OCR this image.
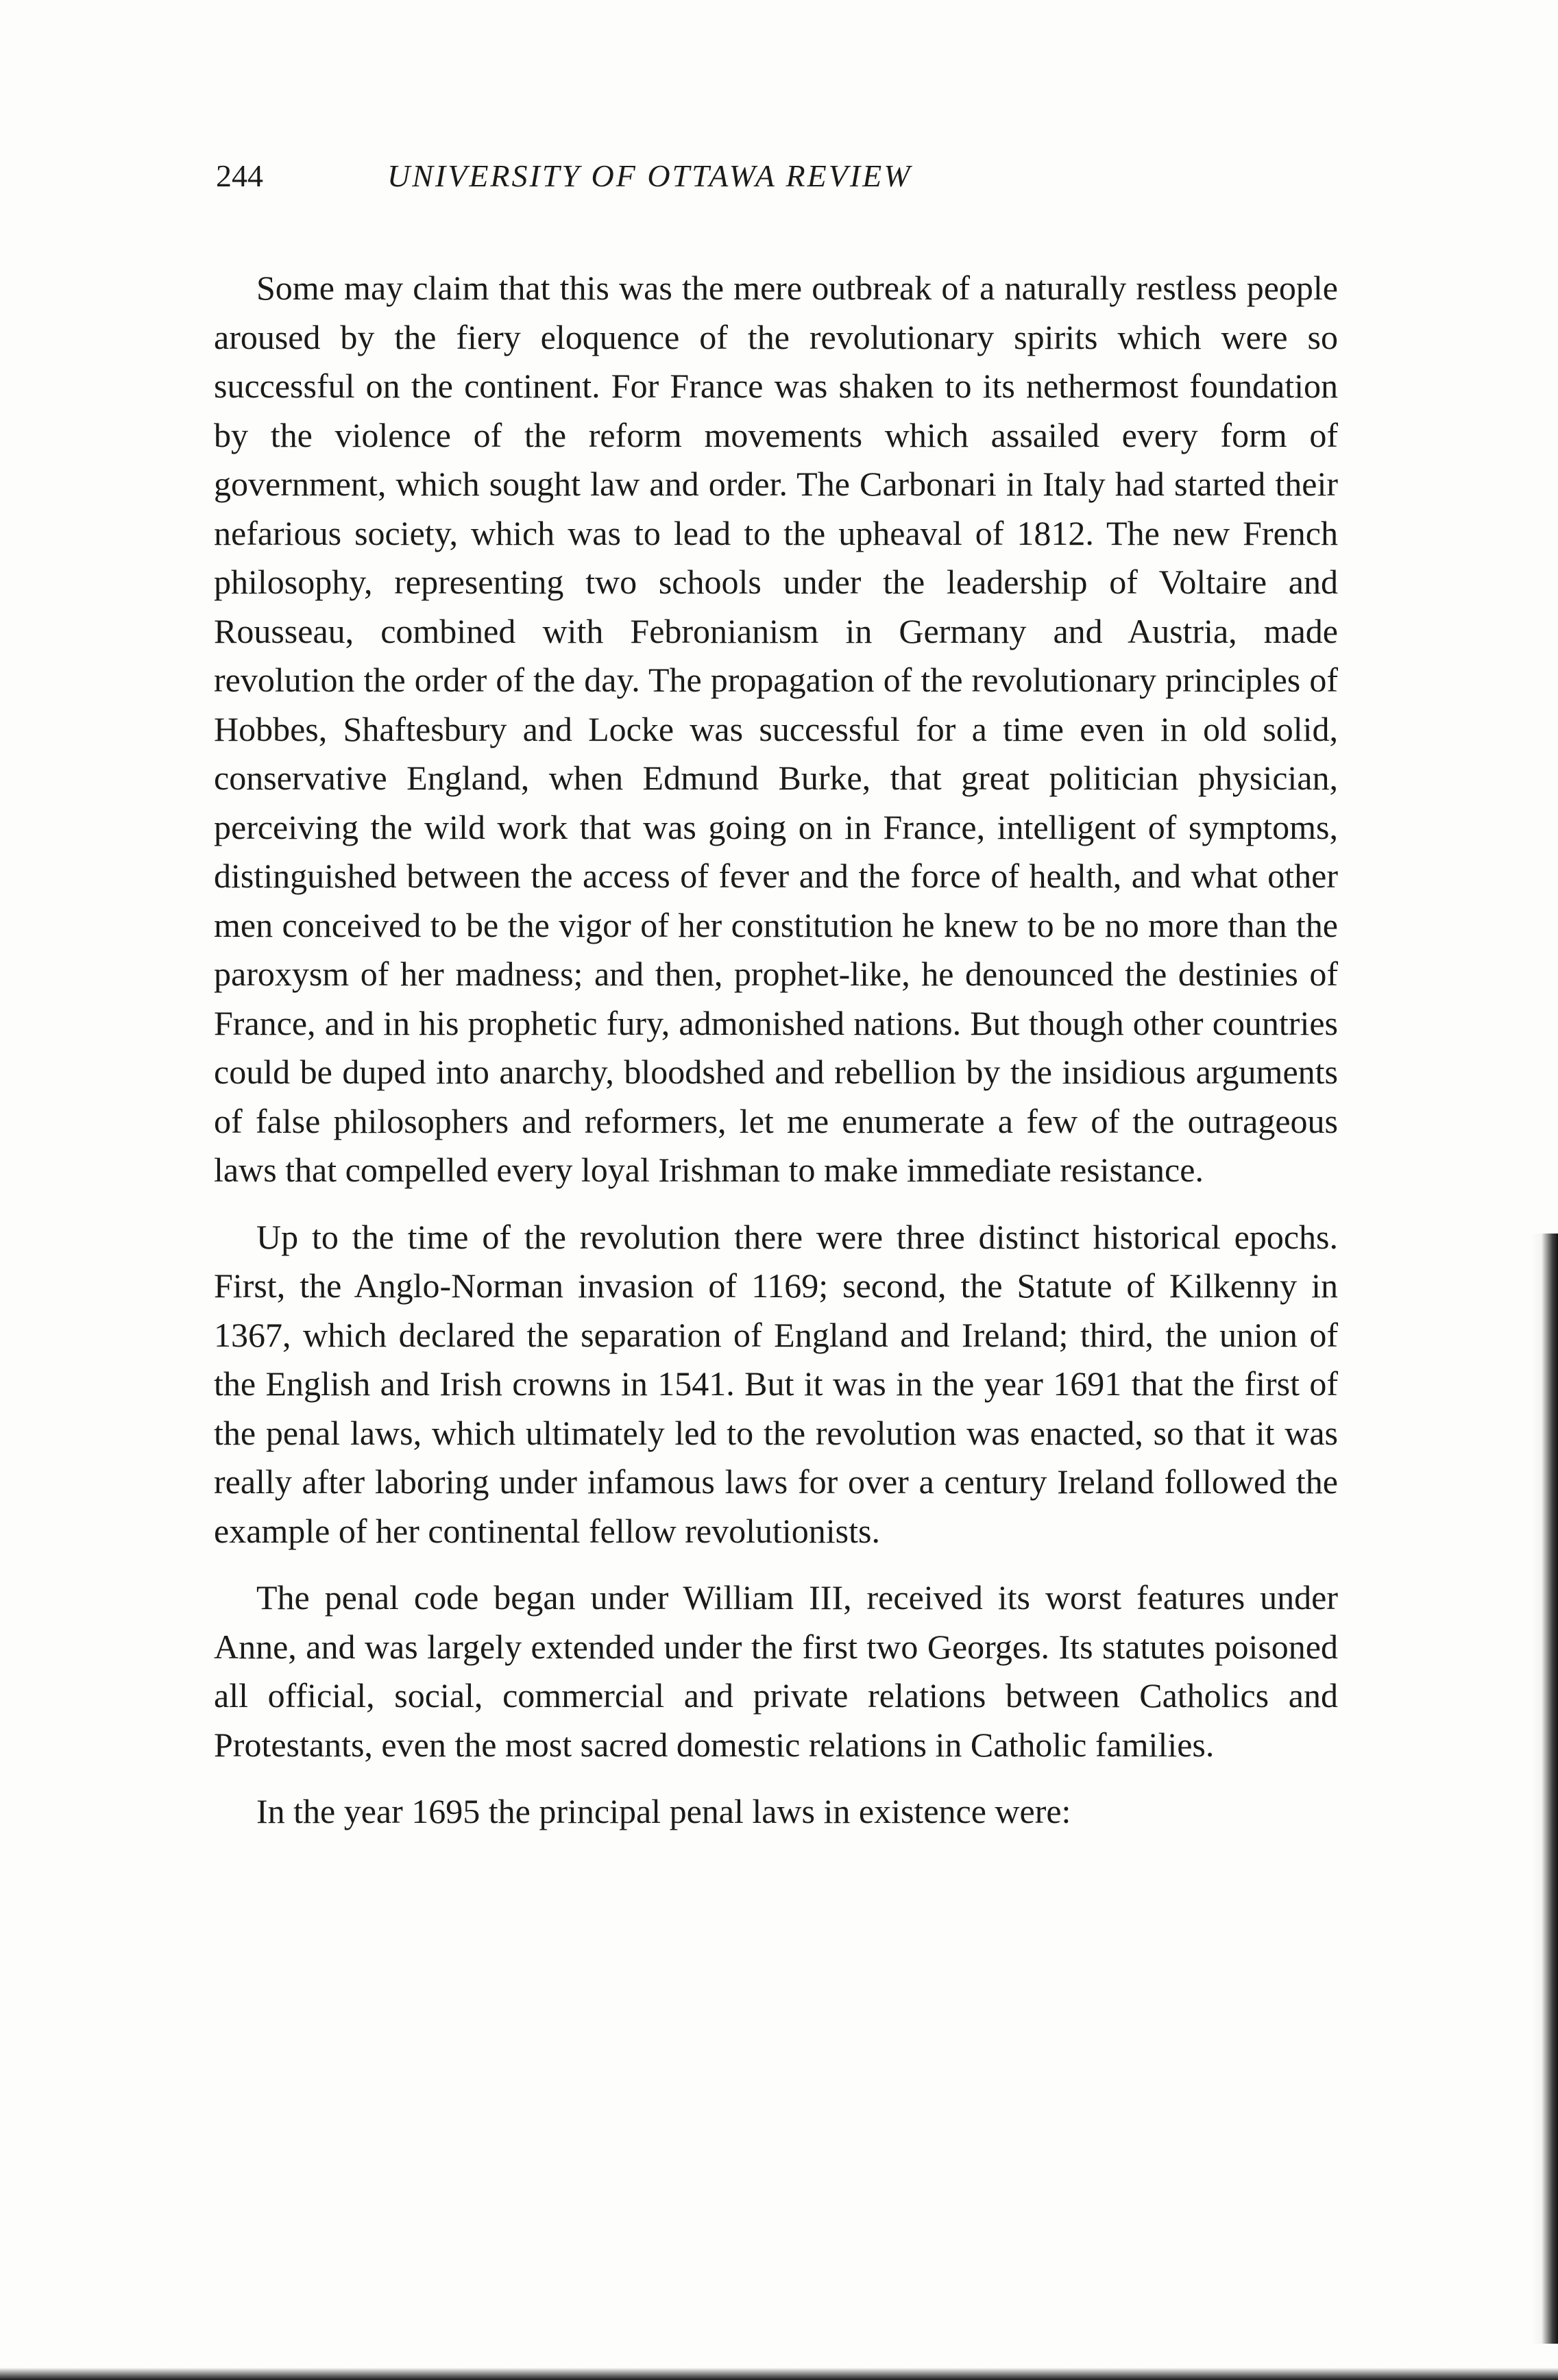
244	UNIVERSITY OF OTTAWA REVIEW

Some may claim that this was the mere outbreak of a naturally restless people aroused by the fiery eloquence of the revolutionary spirits which were so successful on the continent. For France was shaken to its nethermost foundation by the violence of the reform movements which assailed every form of government, which sought law and order. The Carbonari in Italy had started their nefarious society, which was to lead to the upheaval of 1812. The new French philosophy, representing two schools under the leadership of Voltaire and Rousseau, combined with Febronianism in Germany and Austria, made revolution the order of the day. The propagation of the revolutionary principles of Hobbes, Shaftesbury and Locke was successful for a time even in old solid, conservative England, when Edmund Burke, that great politician physician, perceiving the wild work that was going on in France, intelligent of symptoms, distinguished between the access of fever and the force of health, and what other men conceived to be the vigor of her constitution he knew to be no more than the paroxysm of her madness; and then, prophet-like, he denounced the destinies of France, and in his prophetic fury, admonished nations. But though other countries could be duped into anarchy, bloodshed and rebellion by the insidious arguments of false philosophers and reformers, let me enumerate a few of the outrageous laws that compelled every loyal Irishman to make immediate resistance.

Up to the time of the revolution there were three distinct historical epochs. First, the Anglo-Norman invasion of 1169; second, the Statute of Kilkenny in 1367, which declared the separation of England and Ireland; third, the union of the English and Irish crowns in 1541. But it was in the year 1691 that the first of the penal laws, which ultimately led to the revolution was enacted, so that it was really after laboring under infamous laws for over a century Ireland followed the example of her continental fellow revolutionists.

The penal code began under William III, received its worst features under Anne, and was largely extended under the first two Georges. Its statutes poisoned all official, social, commercial and private relations between Catholics and Protestants, even the most sacred domestic relations in Catholic families.

In the year 1695 the principal penal laws in existence were:
